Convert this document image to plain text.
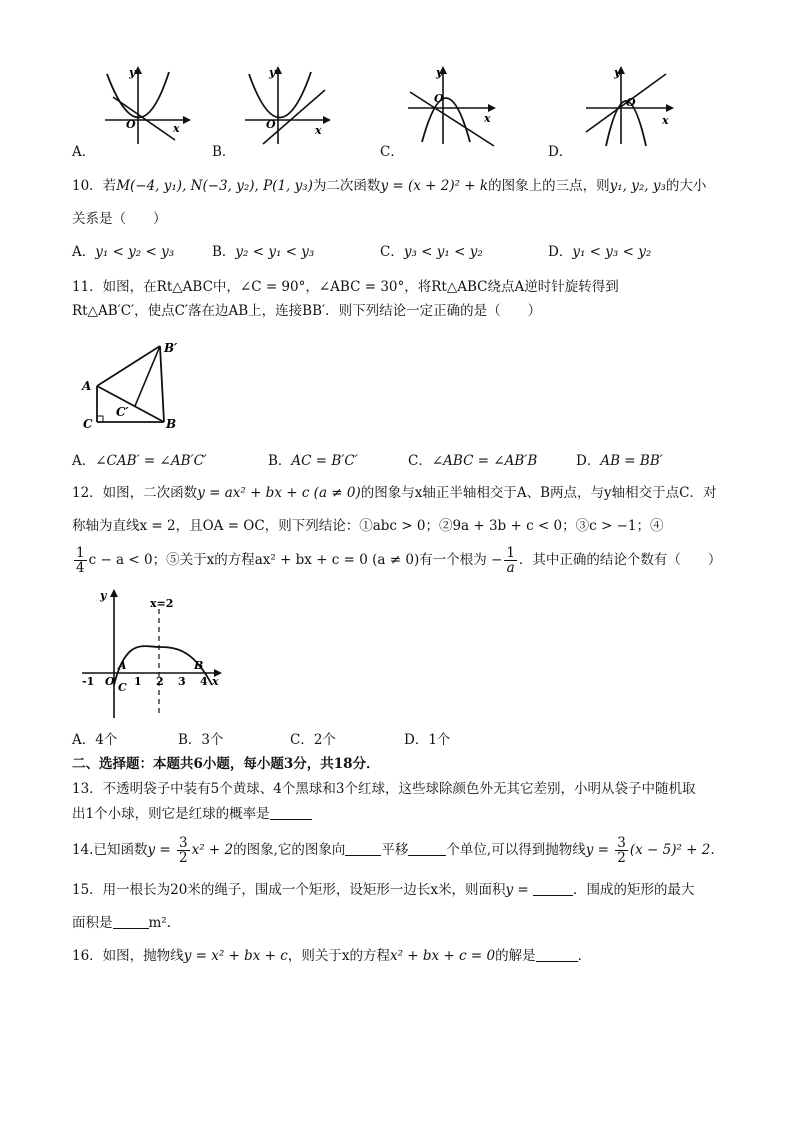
y
x
O
y
x
O
y
x
O
y
x
O
A．	B．	C．	D．
10．若M(−4, y₁), N(−3, y₂), P(1, y₃)为二次函数y = (x + 2)² + k的图象上的三点，则y₁, y₂, y₃的大小
关系是（　　）
A．y₁ < y₂ < y₃	B．y₂ < y₁ < y₃	C．y₃ < y₁ < y₂	D．y₁ < y₃ < y₂
11．如图，在Rt△ABC中，∠C = 90°，∠ABC = 30°，将Rt△ABC绕点A逆时针旋转得到
Rt△AB′C′，使点C′落在边AB上，连接BB′．则下列结论一定正确的是（　　）
A
C	B
B′
C′
A．∠CAB′ = ∠AB′C′	B．AC = B′C′	C．∠ABC = ∠AB′B	D．AB = BB′
12．如图，二次函数y = ax² + bx + c (a ≠ 0)的图象与x轴正半轴相交于A、B两点，与y轴相交于点C．对
称轴为直线x = 2，且OA = OC，则下列结论：①abc > 0；②9a + 3b + c < 0；③c > −1；④
$\frac{1}{4}$ c − a < 0；⑤关于x的方程ax² + bx + c = 0 (a ≠ 0)有一个根为 − $\frac{1}{a}$ ．其中正确的结论个数有（　　）
y
x
x=2
A	B
C
O
-1	1 2 3 4
A．4个	B．3个	C．2个	D．1个
二、选择题：本题共6小题，每小题3分，共18分．
13．不透明袋子中装有5个黄球、4个黑球和3个红球，这些球除颜色外无其它差别，小明从袋子中随机取
出1个小球，则它是红球的概率是
14.已知函数$y = \frac{3}{2} x^2 + 2$的图象,它的图象向	平移	个单位,可以得到抛物线$y = \frac{3}{2} (x - 5)^2 + 2$.
15．用一根长为20米的绳子，围成一个矩形，设矩形一边长x米，则面积y =	．围成的矩形的最大
面积是	m².
16．如图，抛物线y = x² + bx + c，则关于x的方程x² + bx + c = 0的解是	．
